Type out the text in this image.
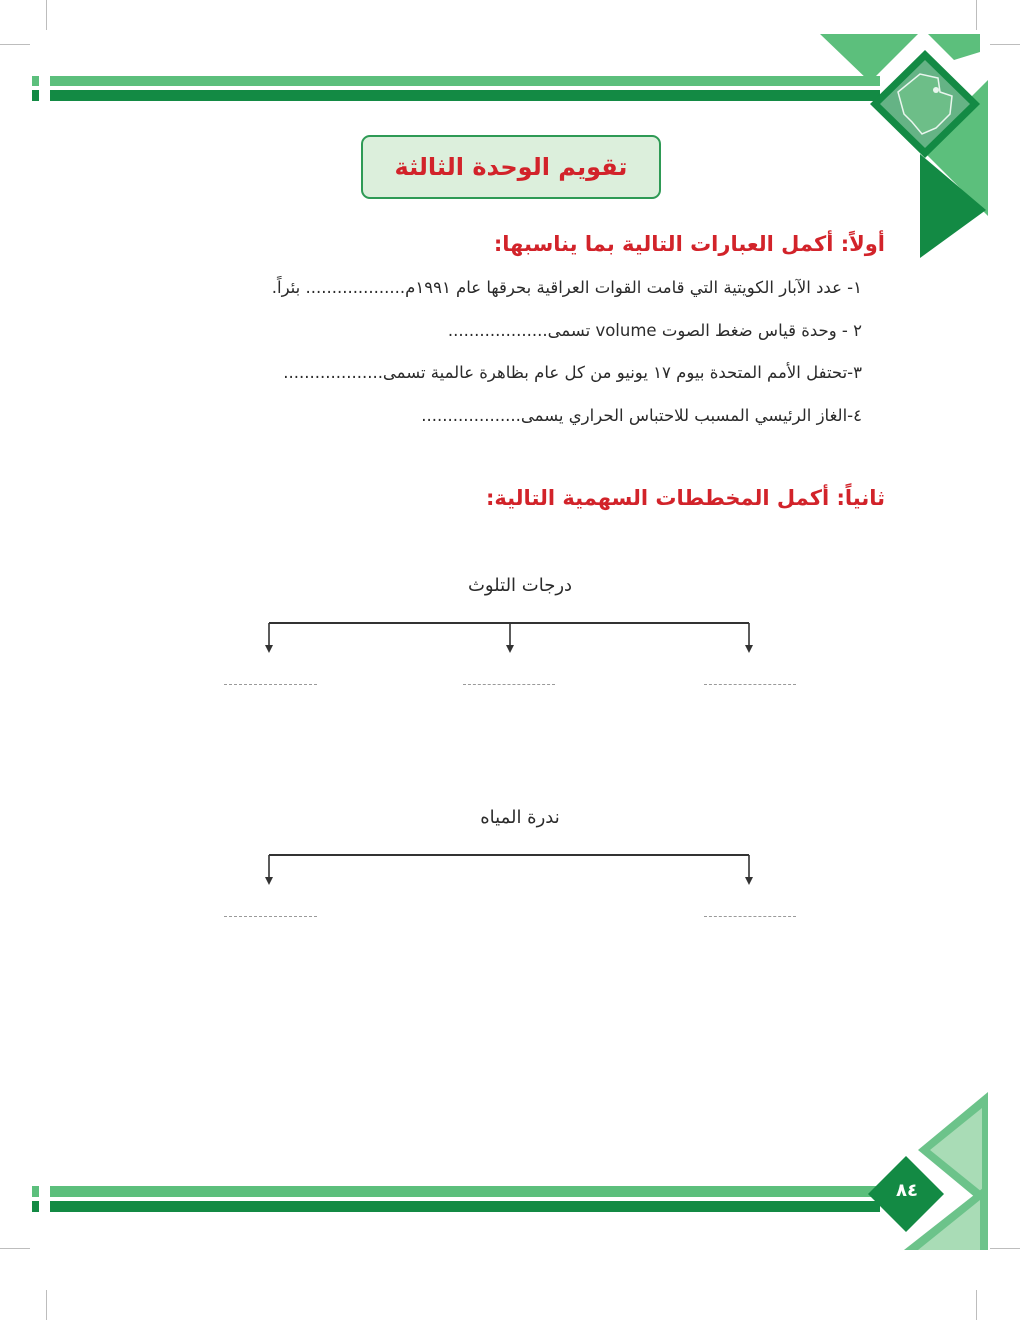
تقويم الوحدة الثالثة
أولاً: أكمل العبارات التالية بما يناسبها:
١- عدد الآبار الكويتية التي قامت القوات العراقية بحرقها عام ١٩٩١م................... بئراً.
٢ - وحدة قياس ضغط الصوت volume تسمى...................
٣-تحتفل الأمم المتحدة بيوم ١٧ يونيو من كل عام بظاهرة عالمية تسمى...................
٤-الغاز الرئيسي المسبب للاحتباس الحراري يسمى...................
ثانياً: أكمل المخططات السهمية التالية:
درجات التلوث
ندرة المياه
٨٤
